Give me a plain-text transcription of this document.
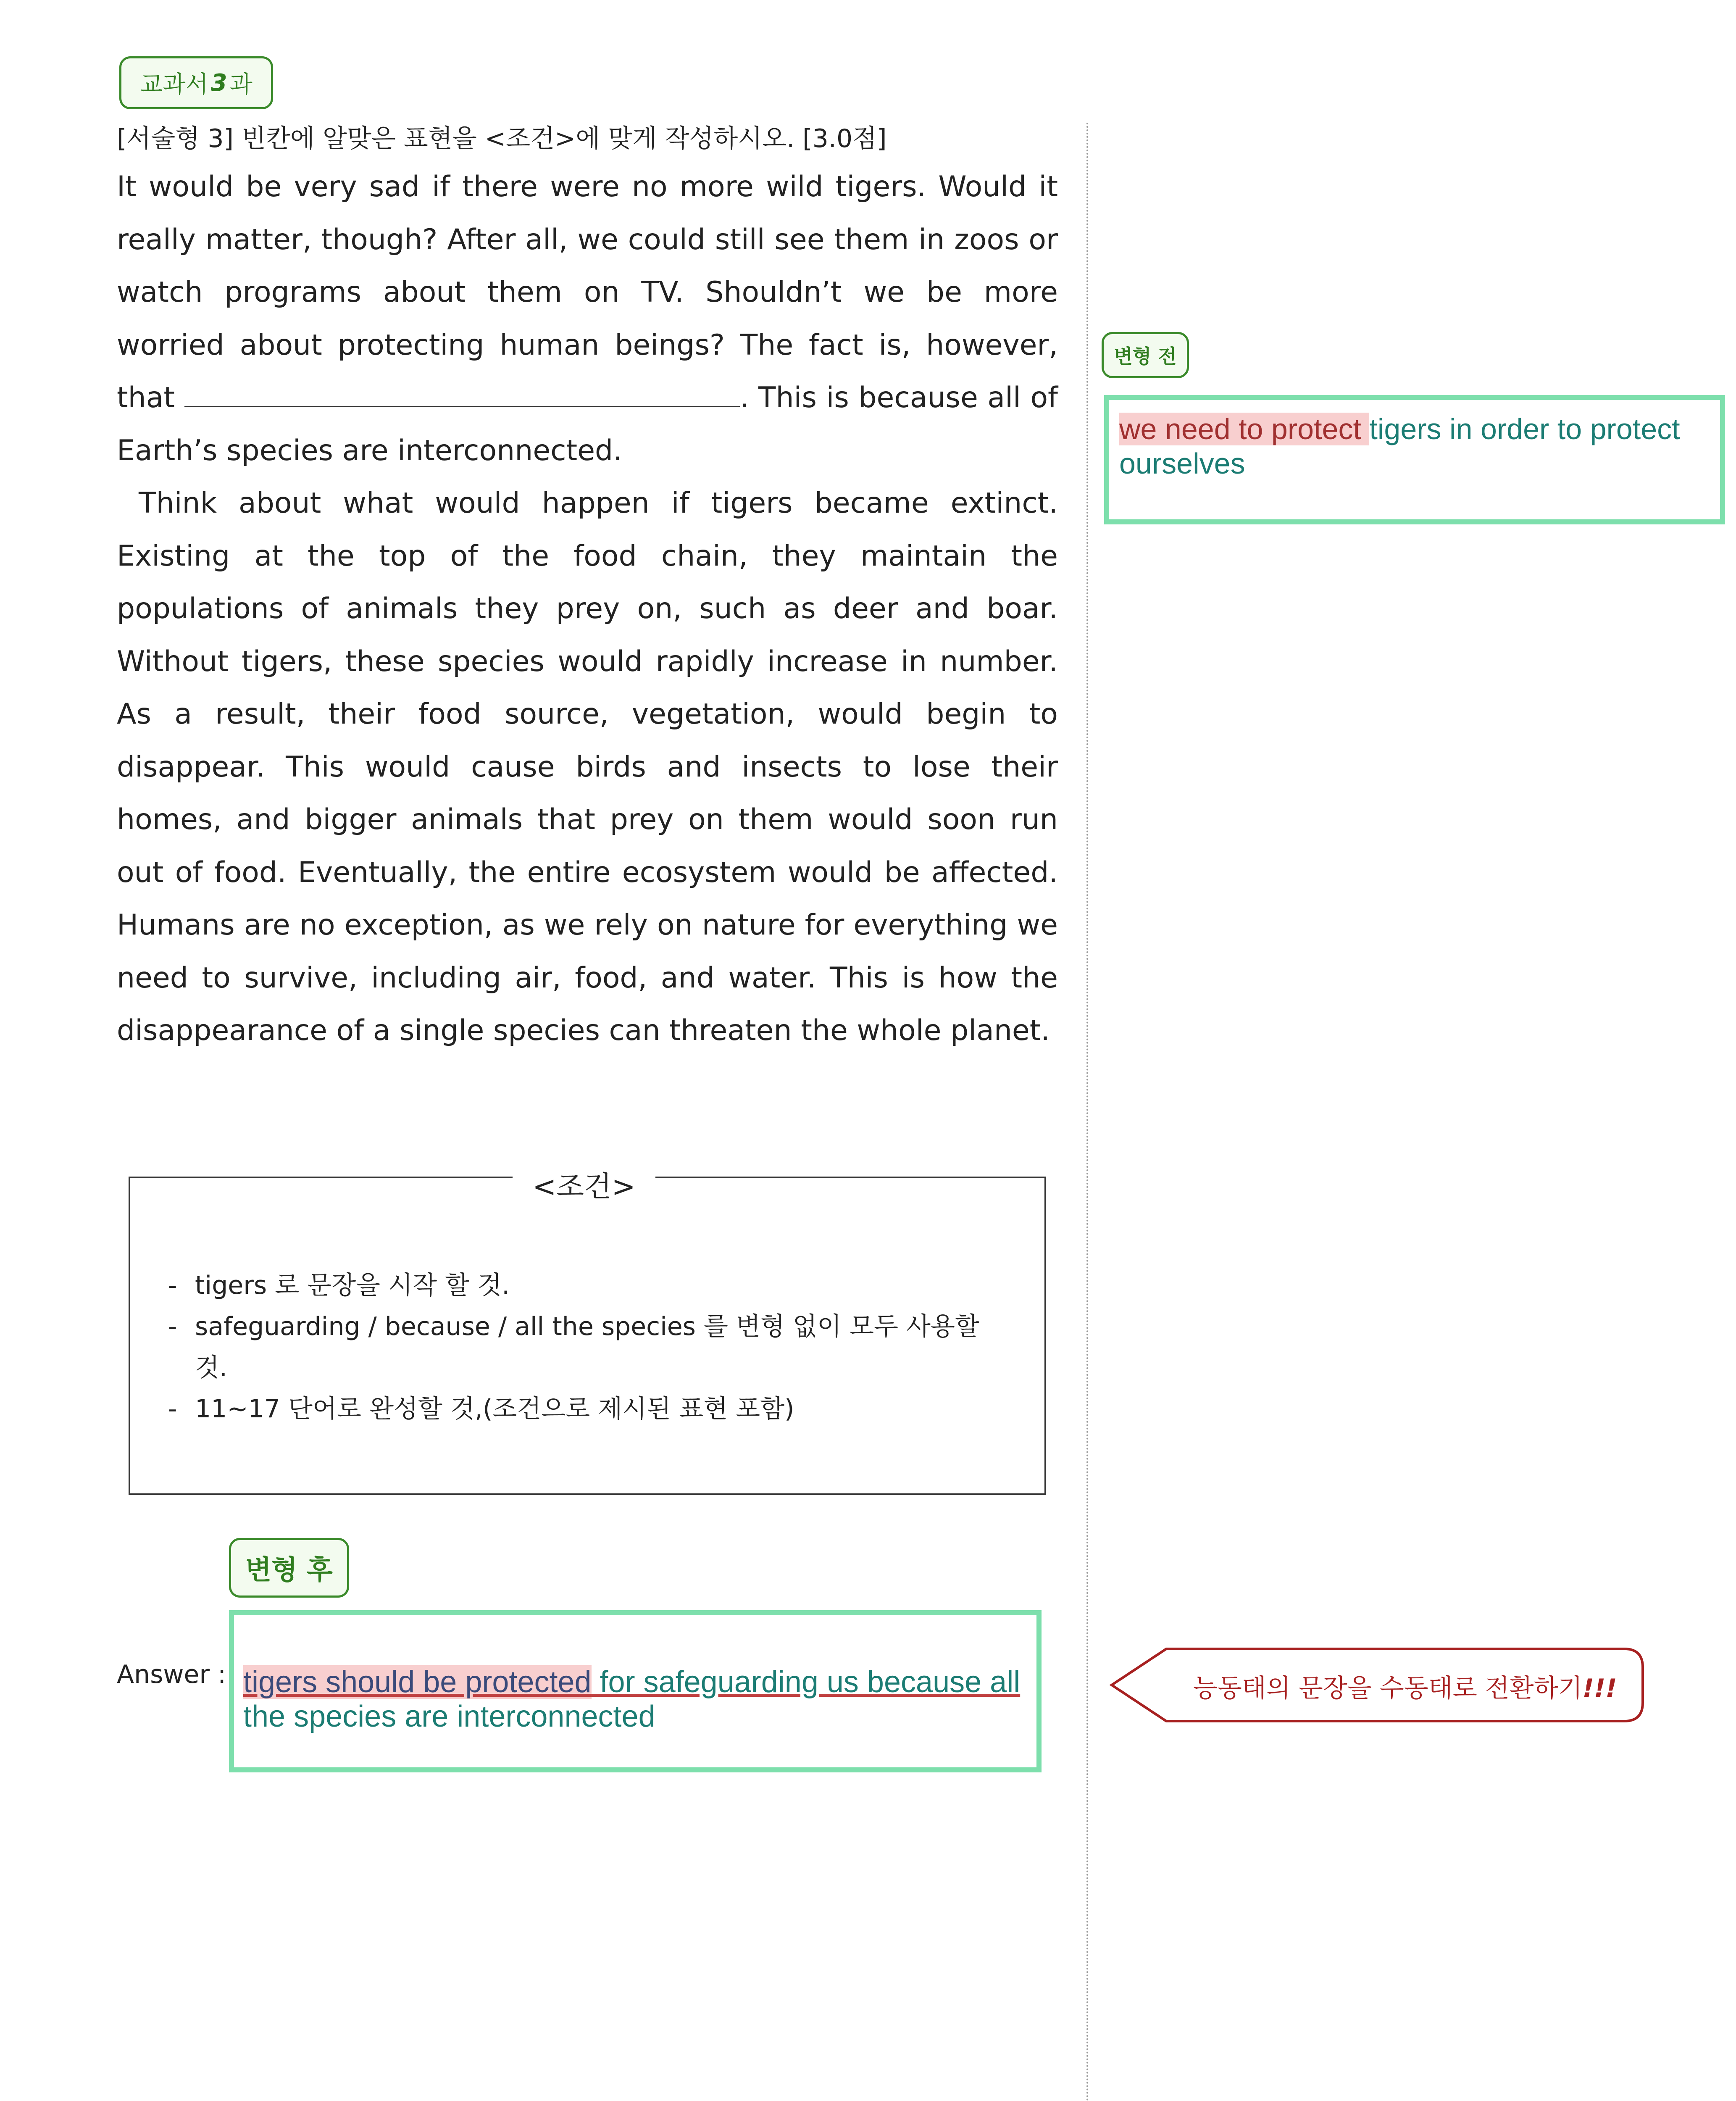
교과서 3 과
[서술형 3] 빈칸에 알맞은 표현을 <조건>에 맞게 작성하시오. [3.0점]

It would be very sad if there were no more wild tigers. Would it really matter, though? After all, we could still see them in zoos or watch programs about them on TV. Shouldn’t we be more worried about protecting human beings? The fact is, however, that	. This is because all of Earth’s species are interconnected.

Think about what would happen if tigers became extinct. Existing at the top of the food chain, they maintain the populations of animals they prey on, such as deer and boar. Without tigers, these species would rapidly increase in number. As a result, their food source, vegetation, would begin to disappear. This would cause birds and insects to lose their homes, and bigger animals that prey on them would soon run out of food. Eventually, the entire ecosystem would be affected. Humans are no exception, as we rely on nature for everything we need to survive, including air, food, and water. This is how the disappearance of a single species can threaten the whole planet.

변형 전
we need to protect tigers in order to protect ourselves
<조건>
- tigers 로 문장을 시작 할 것.
- safeguarding / because / all the species 를 변형 없이 모두 사용할 것.
- 11~17 단어로 완성할 것,(조건으로 제시된 표현 포함)
변형 후
Answer : tigers should be protected for safeguarding us because all
the species are interconnected
능동태의 문장을 수동태로 전환하기!!!
